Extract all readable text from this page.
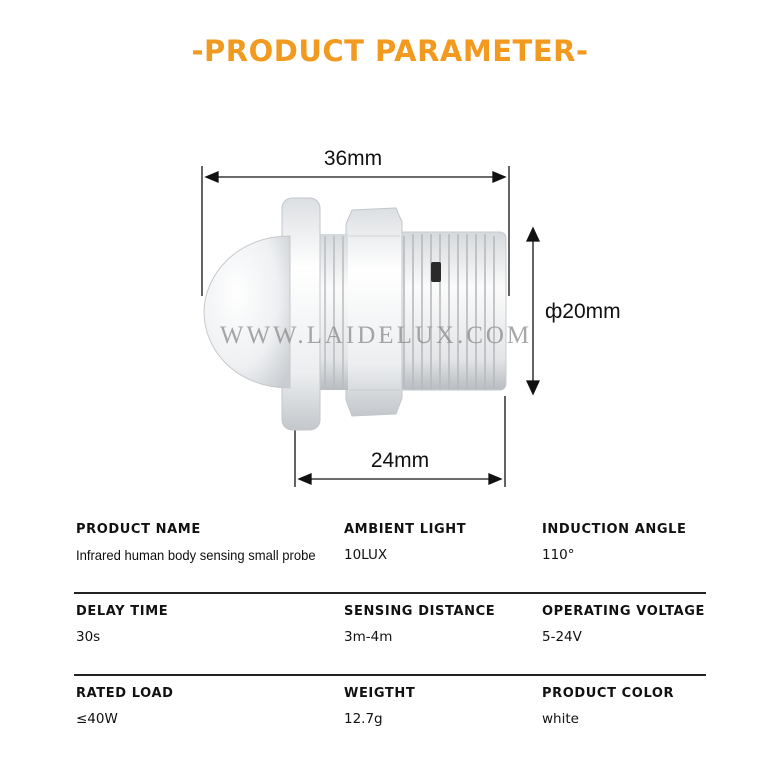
-PRODUCT PARAMETER-
36mm
ф20mm
24mm
WWW.LAIDELUX.COM
PRODUCT NAME
Infrared human body sensing small probe
AMBIENT LIGHT
10LUX
INDUCTION ANGLE
110°
DELAY TIME
30s
SENSING DISTANCE
3m-4m
OPERATING VOLTAGE
5-24V
RATED LOAD
≤40W
WEIGTHT
12.7g
PRODUCT COLOR
white
